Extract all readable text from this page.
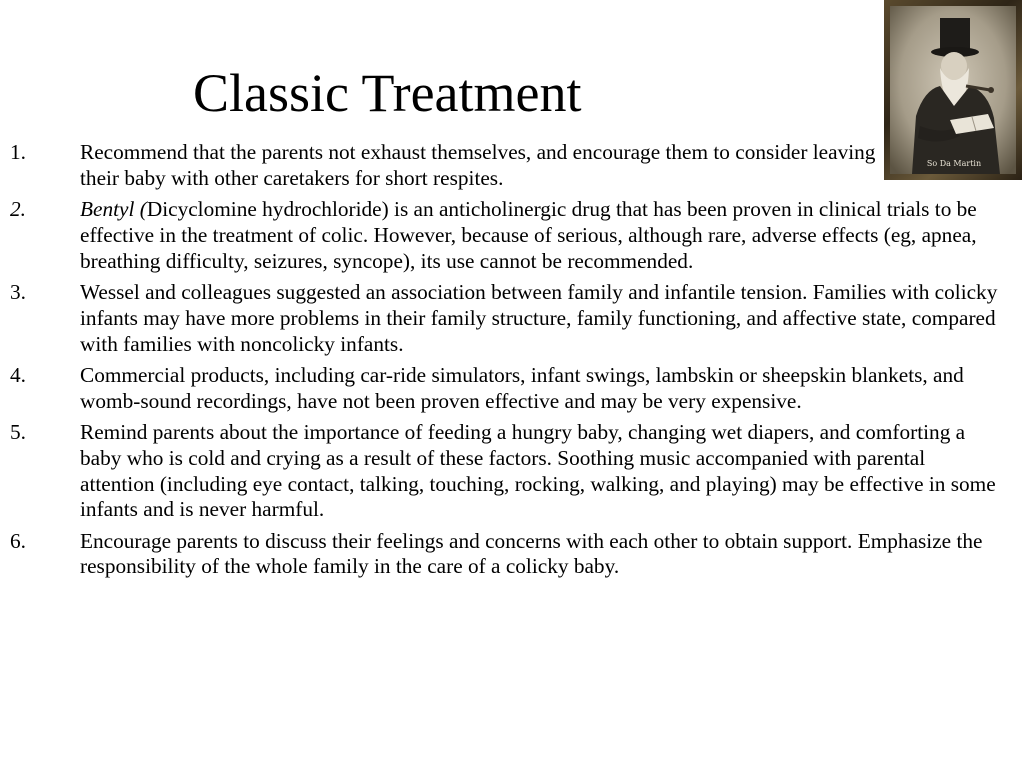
Classic Treatment
So Da Martin
1.	Recommend that the parents not exhaust themselves, and encourage them to consider leaving their baby with other caretakers for short respites.
2.	Bentyl (Dicyclomine hydrochloride) is an anticholinergic drug that has been proven in clinical trials to be effective in the treatment of colic. However, because of serious, although rare, adverse effects (eg, apnea, breathing difficulty, seizures, syncope), its use cannot be recommended.
3.	Wessel and colleagues suggested an association between family and infantile tension. Families with colicky infants may have more problems in their family structure, family functioning, and affective state, compared with families with noncolicky infants.
4.	Commercial products, including car-ride simulators, infant swings, lambskin or sheepskin blankets, and womb-sound recordings, have not been proven effective and may be very expensive.
5.	Remind parents about the importance of feeding a hungry baby, changing wet diapers, and comforting a baby who is cold and crying as a result of these factors. Soothing music accompanied with parental attention (including eye contact, talking, touching, rocking, walking, and playing) may be effective in some infants and is never harmful.
6.	Encourage parents to discuss their feelings and concerns with each other to obtain support. Emphasize the responsibility of the whole family in the care of a colicky baby.
